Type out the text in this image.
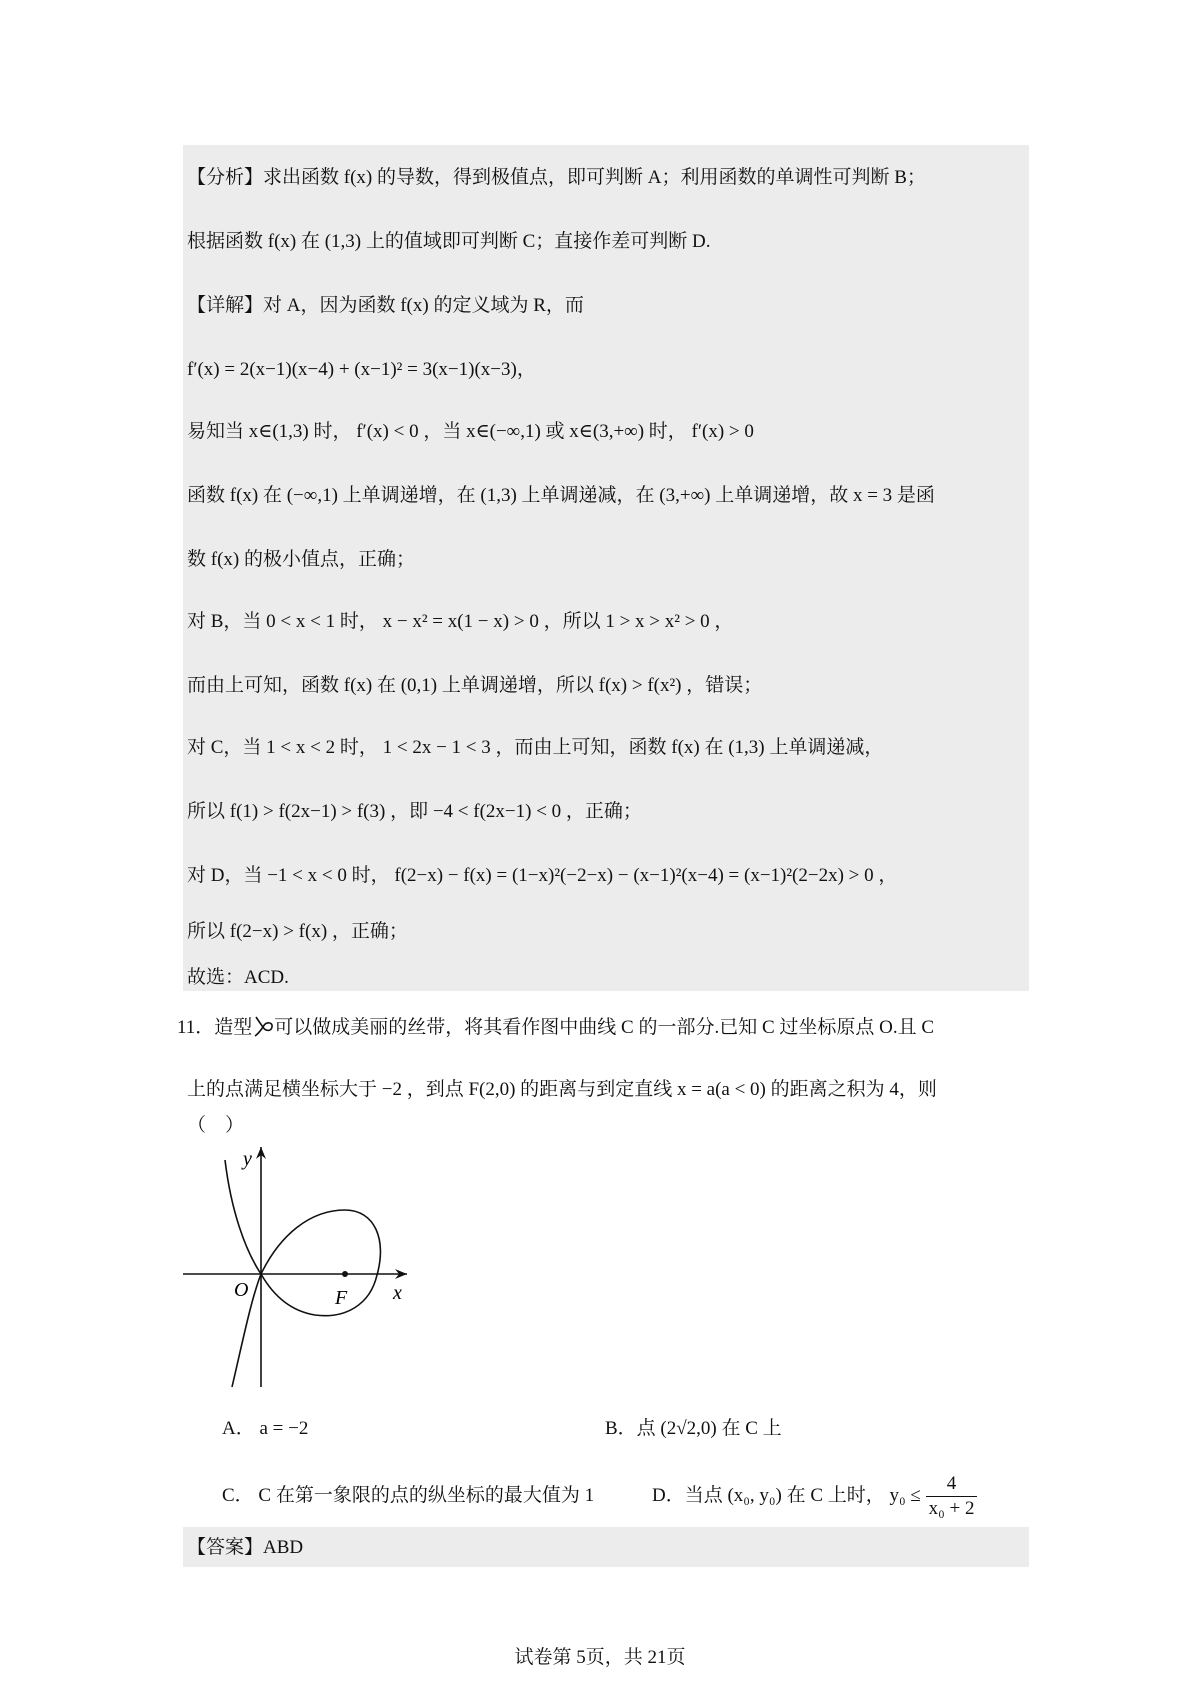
【分析】求出函数 f(x) 的导数，得到极值点，即可判断 A；利用函数的单调性可判断 B；
根据函数 f(x) 在 (1,3) 上的值域即可判断 C；直接作差可判断 D.
【详解】对 A，因为函数 f(x) 的定义域为 R，而
f′(x) = 2(x−1)(x−4) + (x−1)² = 3(x−1)(x−3)，
易知当 x∈(1,3) 时， f′(x) < 0 ，当 x∈(−∞,1) 或 x∈(3,+∞) 时， f′(x) > 0
函数 f(x) 在 (−∞,1) 上单调递增，在 (1,3) 上单调递减，在 (3,+∞) 上单调递增，故 x = 3 是函
数 f(x) 的极小值点，正确；
对 B，当 0 < x < 1 时， x − x² = x(1 − x) > 0 ，所以 1 > x > x² > 0 ，
而由上可知，函数 f(x) 在 (0,1) 上单调递增，所以 f(x) > f(x²) ，错误；
对 C，当 1 < x < 2 时， 1 < 2x − 1 < 3 ，而由上可知，函数 f(x) 在 (1,3) 上单调递减，
所以 f(1) > f(2x−1) > f(3) ，即 −4 < f(2x−1) < 0 ，正确；
对 D，当 −1 < x < 0 时， f(2−x) − f(x) = (1−x)²(−2−x) − (x−1)²(x−4) = (x−1)²(2−2x) > 0 ，
所以 f(2−x) > f(x) ，正确；
故选：ACD.
11．造型 可以做成美丽的丝带，将其看作图中曲线 C 的一部分.已知 C 过坐标原点 O.且 C
上的点满足横坐标大于 −2 ，到点 F(2,0) 的距离与到定直线 x = a(a < 0) 的距离之积为 4，则
（　）
y
x
O	F
A． a = −2	B．点 (2√2,0) 在 C 上
C． C 在第一象限的点的纵坐标的最大值为 1	D．当点 (x₀, y₀) 在 C 上时， $y_0 \le \frac{4}{\text{x₀ + 2}}$
【答案】ABD
试卷第 5页，共 21页
